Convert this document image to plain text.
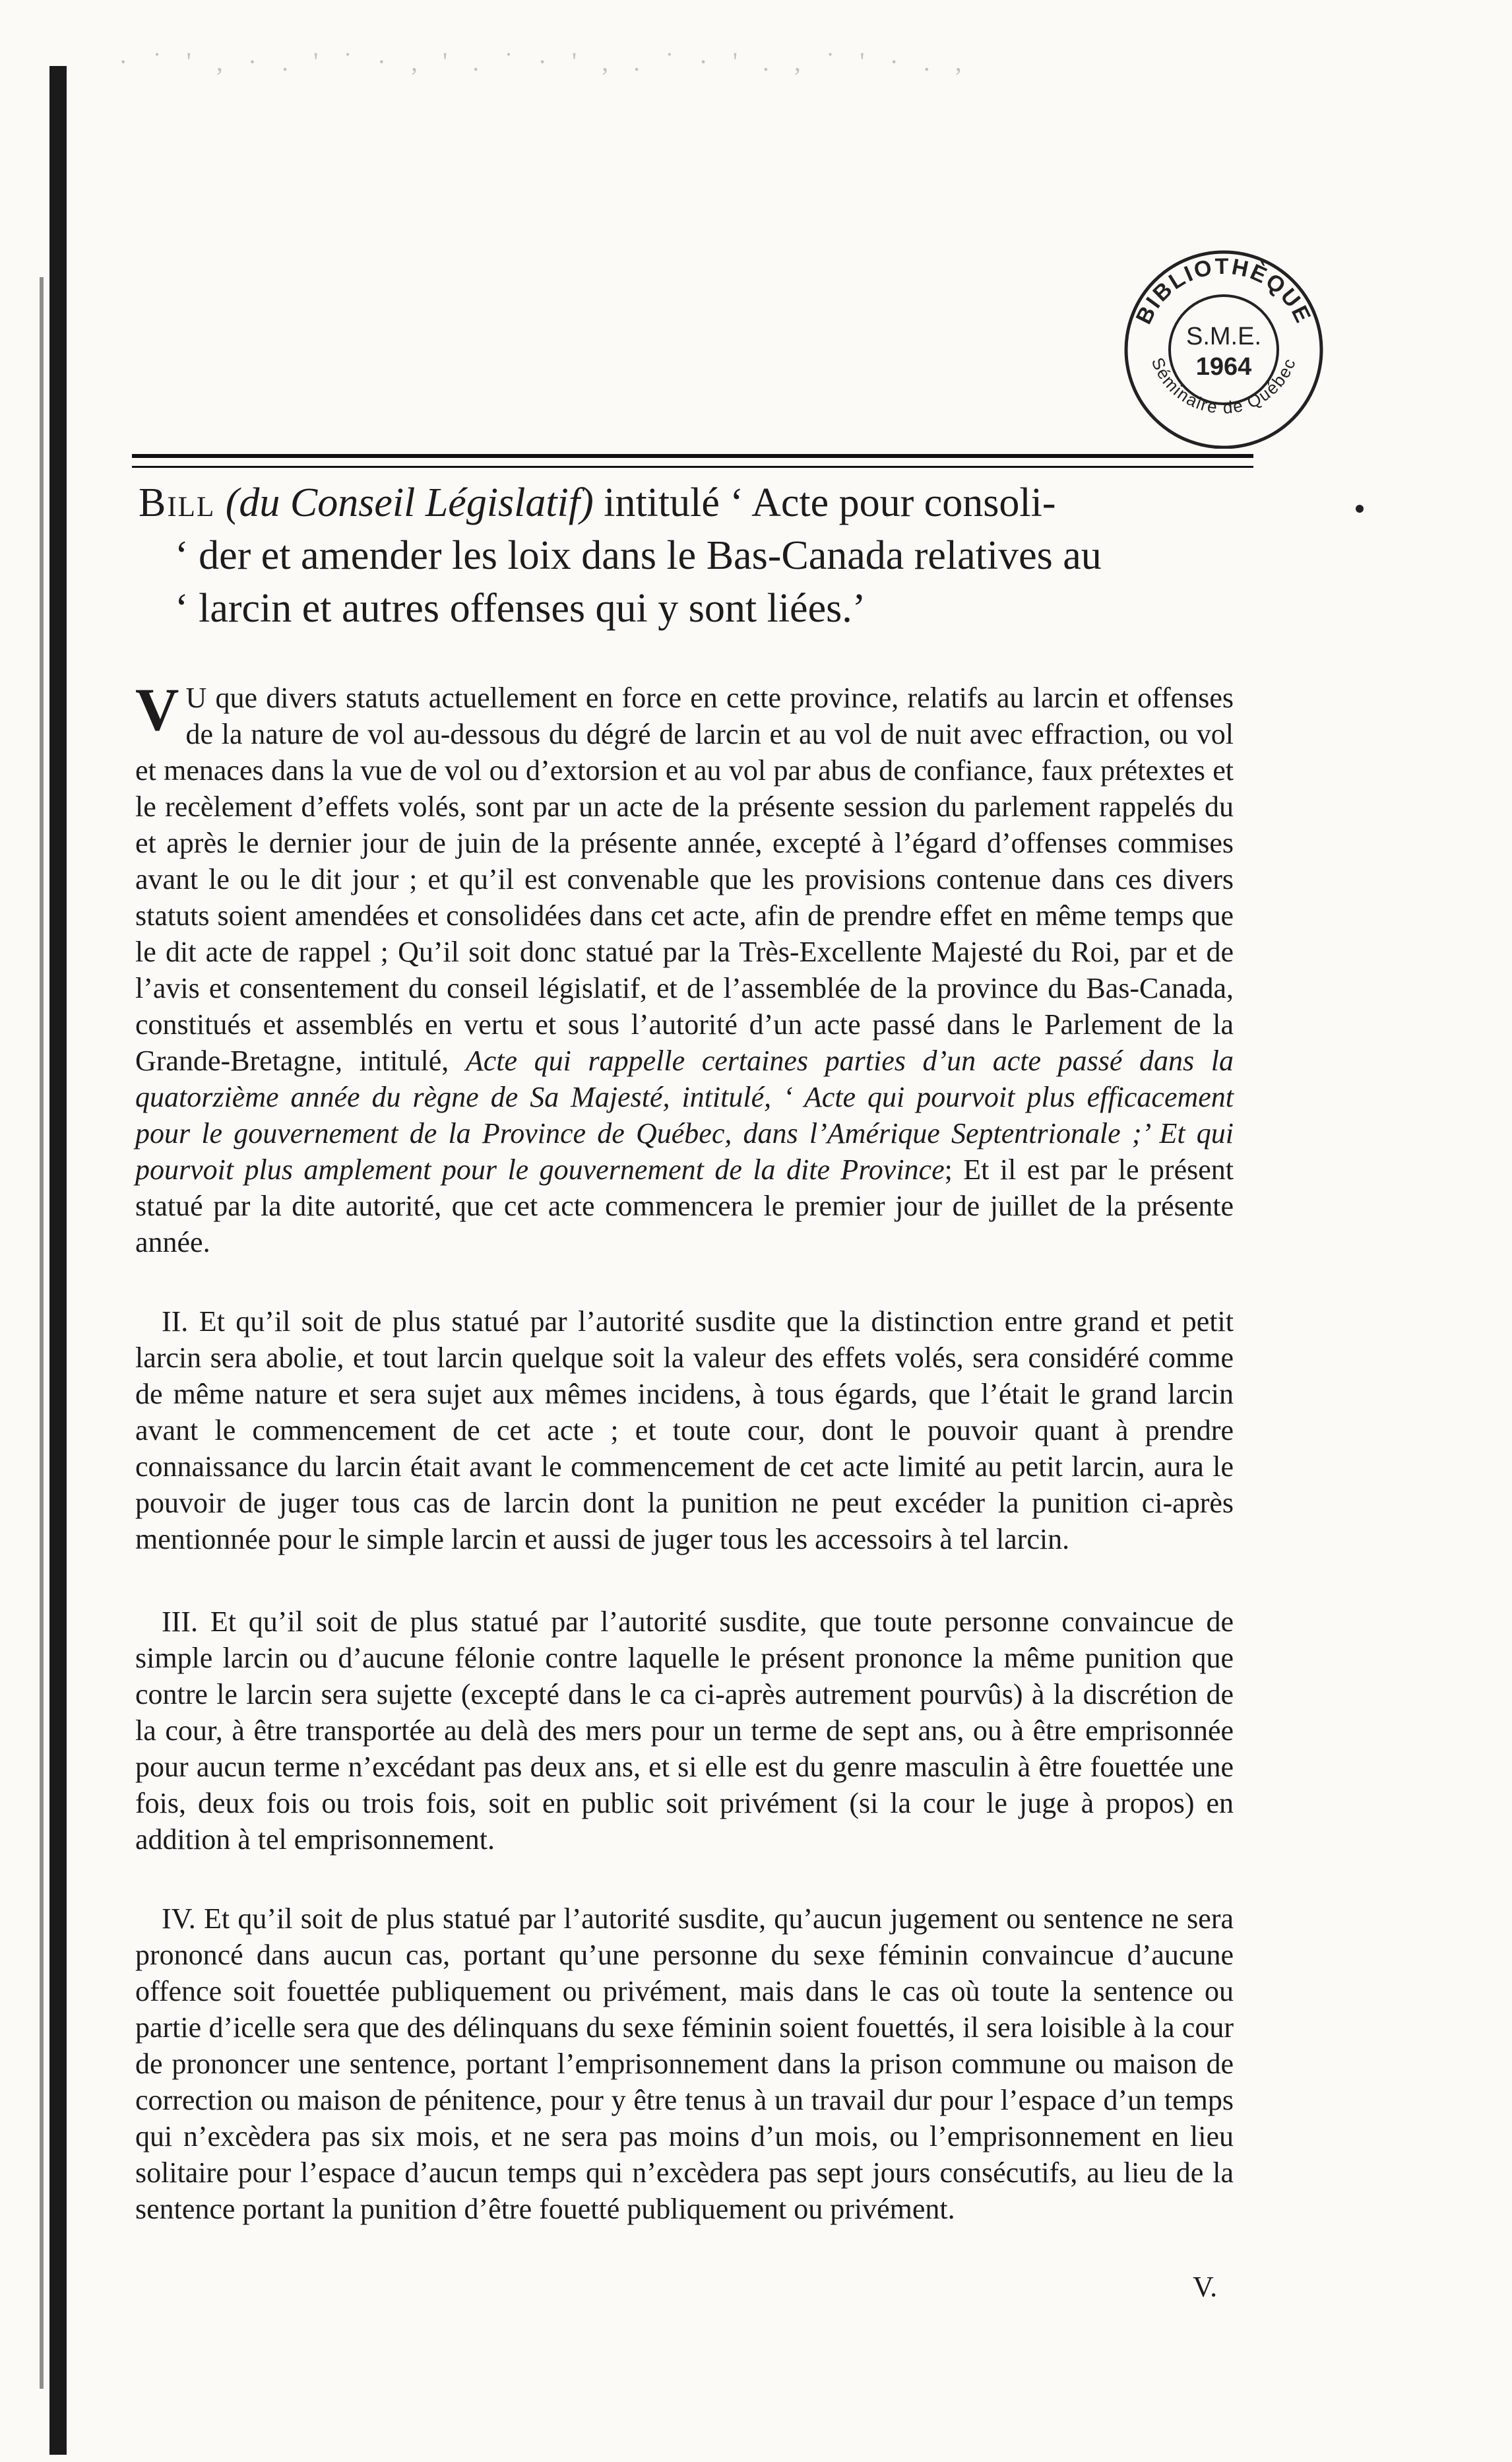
· ˙ ' , · . ' ˙ · , ' . ˙ · ' , . ˙ · ' . , ˙ ' · . ,
BIBLIOTHÈQUE
Séminaire de Québec
S.M.E.
1964
Bill (du Conseil Législatif) intitulé ‘ Acte pour consoli-
‘ der et amender les loix dans le Bas-Canada relatives au
‘ larcin et autres offenses qui y sont liées.’

V U que divers statuts actuellement en force en cette province, relatifs au larcin et offenses de la nature de vol au-dessous du dégré de larcin et au vol de nuit avec effraction, ou vol et menaces dans la vue de vol ou d’extorsion et au vol par abus de confiance, faux prétextes et le recèlement d’effets volés, sont par un acte de la présente session du parlement rappelés du et après le dernier jour de juin de la présente année, excepté à l’égard d’offenses commises avant le ou le dit jour ; et qu’il est convenable que les provisions contenue dans ces divers statuts soient amendées et consolidées dans cet acte, afin de prendre effet en même temps que le dit acte de rappel ; Qu’il soit donc statué par la Très-Excellente Majesté du Roi, par et de l’avis et consentement du conseil législatif, et de l’assemblée de la province du Bas-Canada, constitués et assemblés en vertu et sous l’autorité d’un acte passé dans le Parlement de la Grande-Bretagne, intitulé, Acte qui rappelle certaines parties d’un acte passé dans la quatorzième année du règne de Sa Majesté, intitulé, ‘ Acte qui pourvoit plus efficacement pour le gouvernement de la Province de Québec, dans l’Amérique Septentrionale ;’ Et qui pourvoit plus amplement pour le gouvernement de la dite Province; Et il est par le présent statué par la dite autorité, que cet acte commencera le premier jour de juillet de la présente année.

II. Et qu’il soit de plus statué par l’autorité susdite que la distinction entre grand et petit larcin sera abolie, et tout larcin quelque soit la valeur des effets volés, sera considéré comme de même nature et sera sujet aux mêmes incidens, à tous égards, que l’était le grand larcin avant le commencement de cet acte ; et toute cour, dont le pouvoir quant à prendre connaissance du larcin était avant le commencement de cet acte limité au petit larcin, aura le pouvoir de juger tous cas de larcin dont la punition ne peut excéder la punition ci-après mentionnée pour le simple larcin et aussi de juger tous les accessoirs à tel larcin.

III. Et qu’il soit de plus statué par l’autorité susdite, que toute personne convaincue de simple larcin ou d’aucune félonie contre laquelle le présent prononce la même punition que contre le larcin sera sujette (excepté dans le ca ci-après autrement pourvûs) à la discrétion de la cour, à être transportée au delà des mers pour un terme de sept ans, ou à être emprisonnée pour aucun terme n’excédant pas deux ans, et si elle est du genre masculin à être fouettée une fois, deux fois ou trois fois, soit en public soit privément (si la cour le juge à propos) en addition à tel emprisonnement.

IV. Et qu’il soit de plus statué par l’autorité susdite, qu’aucun jugement ou sentence ne sera prononcé dans aucun cas, portant qu’une personne du sexe féminin convaincue d’aucune offence soit fouettée publiquement ou privément, mais dans le cas où toute la sentence ou partie d’icelle sera que des délinquans du sexe féminin soient fouettés, il sera loisible à la cour de prononcer une sentence, portant l’emprisonnement dans la prison commune ou maison de correction ou maison de pénitence, pour y être tenus à un travail dur pour l’espace d’un temps qui n’excèdera pas six mois, et ne sera pas moins d’un mois, ou l’emprisonnement en lieu solitaire pour l’espace d’aucun temps qui n’excèdera pas sept jours consécutifs, au lieu de la sentence portant la punition d’être fouetté publiquement ou privément.

V.
